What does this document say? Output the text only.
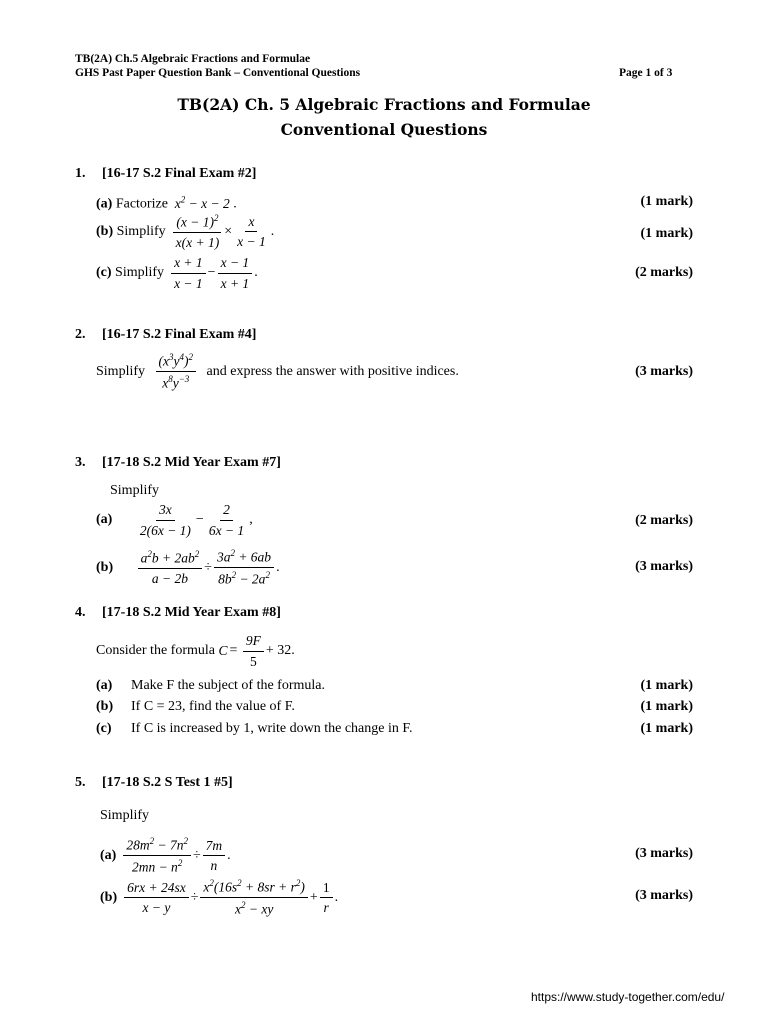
TB(2A) Ch.5 Algebraic Fractions and Formulae
GHS Past Paper Question Bank – Conventional Questions	Page 1 of 3
TB(2A) Ch. 5 Algebraic Fractions and Formulae
Conventional Questions
1. [16-17 S.2 Final Exam #2]
(a) Factorize  $x^2 - x - 2$ .	(1 mark)
(b)
Simplify
$\frac{(x - 1)^2}{x(x + 1)} \times \frac{x}{x - 1}$ .	(1 mark)
(c)
Simplify
$\frac{x + 1}{x - 1} - \frac{x - 1}{x + 1}$ .	(2 marks)
2. [16-17 S.2 Final Exam #4]
Simplify
$\frac{(x^3y^4)^2}{x^8y^{-3}}$
and express the answer with positive indices.	(3 marks)
3. [17-18 S.2 Mid Year Exam #7]
Simplify
(a)
$\frac{3x}{2(6x - 1)} - \frac{2}{6x - 1}$ ,	(2 marks)
(b)
$\frac{a^2b + 2ab^2}{a - 2b} \div \frac{3a^2 + 6ab}{8b^2 - 2a^2}$ .	(3 marks)
4. [17-18 S.2 Mid Year Exam #8]
Consider the formula
C =
$\frac{9F}{5} + 32$.
(a) Make F the subject of the formula.	(1 mark)
(b) If C = 23, find the value of F.	(1 mark)
(c) If C is increased by 1, write down the change in F.	(1 mark)
5. [17-18 S.2 S Test 1 #5]
Simplify
(a)
$\frac{28m^2 - 7n^2}{2mn - n^2} \div \frac{7m}{n}$ .	(3 marks)
(b)
$\frac{6rx + 24sx}{x - y} \div \frac{x^2(16s^2 + 8sr + r^2)}{x^2 - xy} + \frac{1}{r}$ .	(3 marks)
https://www.study-together.com/edu/
